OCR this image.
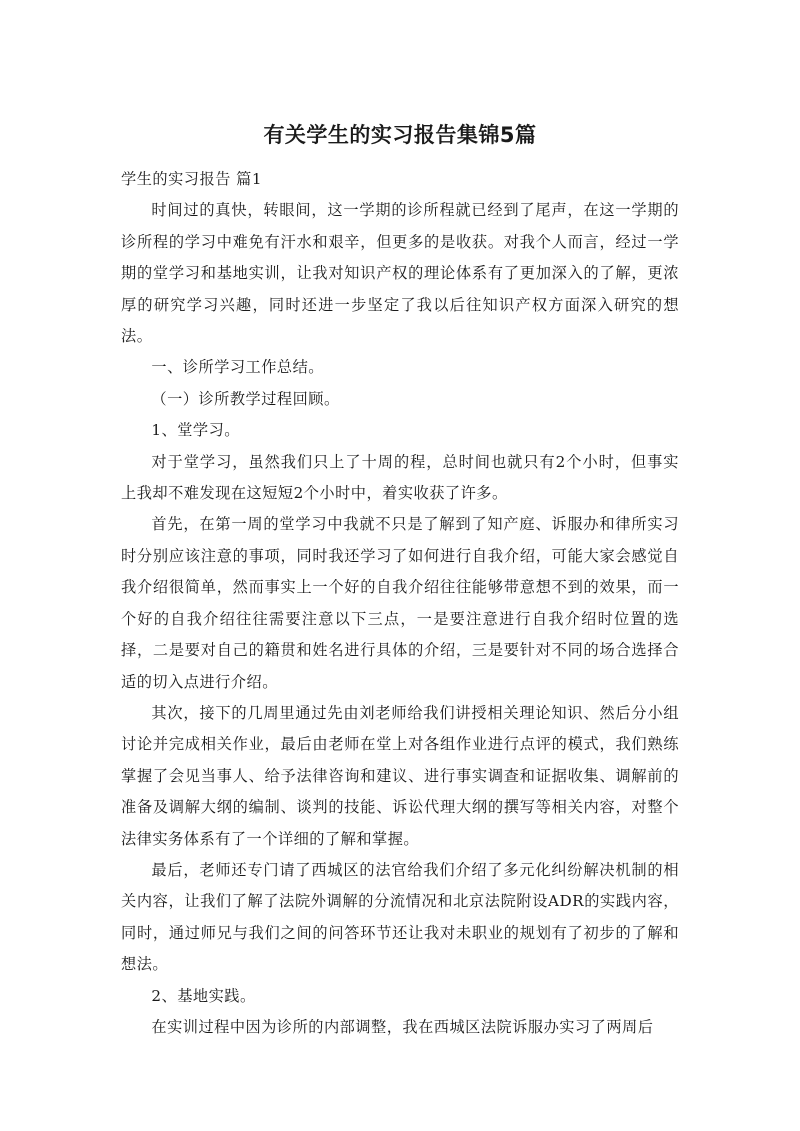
有关学生的实习报告集锦5篇

学生的实习报告 篇1

时间过的真快，转眼间，这一学期的诊所程就已经到了尾声，在这一学期的诊所程的学习中难免有汗水和艰辛，但更多的是收获。对我个人而言，经过一学期的堂学习和基地实训，让我对知识产权的理论体系有了更加深入的了解，更浓厚的研究学习兴趣，同时还进一步坚定了我以后往知识产权方面深入研究的想法。

一、诊所学习工作总结。

（一）诊所教学过程回顾。

1、堂学习。

对于堂学习，虽然我们只上了十周的程，总时间也就只有2个小时，但事实上我却不难发现在这短短2个小时中，着实收获了许多。

首先，在第一周的堂学习中我就不只是了解到了知产庭、诉服办和律所实习时分别应该注意的事项，同时我还学习了如何进行自我介绍，可能大家会感觉自我介绍很简单，然而事实上一个好的自我介绍往往能够带意想不到的效果，而一个好的自我介绍往往需要注意以下三点，一是要注意进行自我介绍时位置的选择，二是要对自己的籍贯和姓名进行具体的介绍，三是要针对不同的场合选择合适的切入点进行介绍。

其次，接下的几周里通过先由刘老师给我们讲授相关理论知识、然后分小组讨论并完成相关作业，最后由老师在堂上对各组作业进行点评的模式，我们熟练掌握了会见当事人、给予法律咨询和建议、进行事实调查和证据收集、调解前的准备及调解大纲的编制、谈判的技能、诉讼代理大纲的撰写等相关内容，对整个法律实务体系有了一个详细的了解和掌握。

最后，老师还专门请了西城区的法官给我们介绍了多元化纠纷解决机制的相关内容，让我们了解了法院外调解的分流情况和北京法院附设ADR的实践内容，同时，通过师兄与我们之间的问答环节还让我对未职业的规划有了初步的了解和想法。

2、基地实践。

在实训过程中因为诊所的内部调整，我在西城区法院诉服办实习了两周后
